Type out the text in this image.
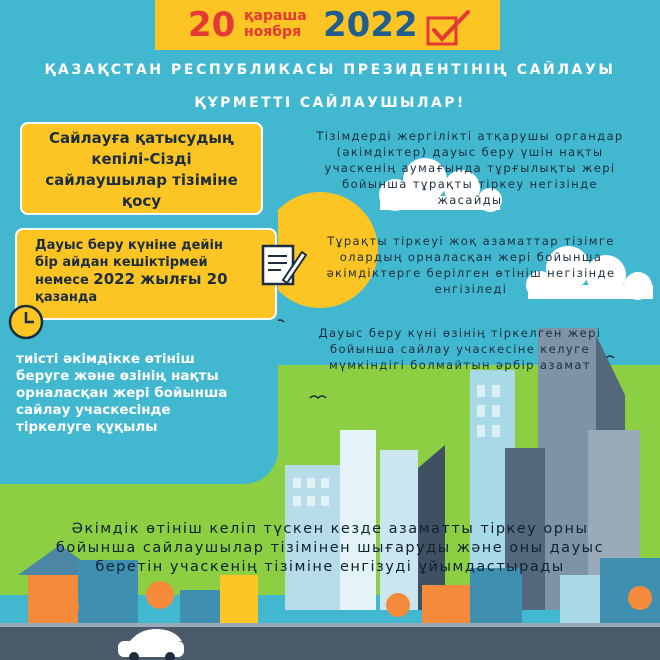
20 қараша
ноября 2022
ҚАЗАҚСТАН РЕСПУБЛИКАСЫ ПРЕЗИДЕНТІНІҢ САЙЛАУЫ
ҚҰРМЕТТІ САЙЛАУШЫЛАР!
Сайлауға қатысудың
кепілі-Сізді
сайлаушылар тізіміне
қосу
Дауыс беру күніне дейін
бір айдан кешіктірмей
немесе 2022 жылғы 20
қазанда
тиісті әкімдікке өтініш
беруге және өзінің нақты
орналасқан жері бойынша
сайлау учаскесінде
тіркелуге құқылы
Тізімдерді жергілікті атқарушы органдар
(әкімдіктер) дауыс беру үшін нақты
учаскенің аумағында тұрғылықты жері
бойынша тұрақты тіркеу негізінде
жасайды
Тұрақты тіркеуі жоқ азаматтар тізімге
олардың орналасқан жері бойынша
әкімдіктерге берілген өтініш негізінде
енгізіледі
Дауыс беру күні өзінің тіркелген жері
бойынша сайлау учаскесіне келуге
мүмкіндігі болмайтын әрбір азамат
Әкімдік өтініш келіп түскен кезде азаматты тіркеу орны
бойынша сайлаушылар тізімінен шығаруды және оны дауыс
беретін учаскенің тізіміне енгізуді ұйымдастырады
